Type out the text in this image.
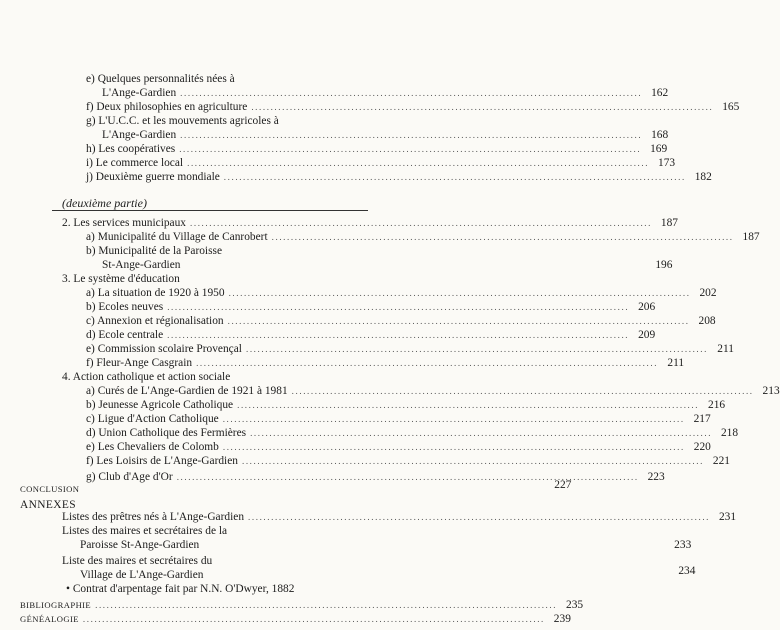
e) Quelques personnalités nées à
L'Ange-Gardien ........................................................................................................................ 162
f) Deux philosophies en agriculture ........................................................................................................................ 165
g) L'U.C.C. et les mouvements agricoles à
L'Ange-Gardien ........................................................................................................................ 168
h) Les coopératives ........................................................................................................................ 169
i) Le commerce local ........................................................................................................................ 173
j) Deuxième guerre mondiale ........................................................................................................................ 182
(deuxième partie)
2. Les services municipaux ........................................................................................................................ 187
a) Municipalité du Village de Canrobert ........................................................................................................................ 187
b) Municipalité de la Paroisse
St-Ange-Gardien	196
3. Le système d'éducation
a) La situation de 1920 à 1950 ........................................................................................................................ 202
b) Ecoles neuves ........................................................................................................................ 206
c) Annexion et régionalisation ........................................................................................................................ 208
d) Ecole centrale ........................................................................................................................ 209
e) Commission scolaire Provençal ........................................................................................................................ 211
f) Fleur-Ange Casgrain ........................................................................................................................ 211
4. Action catholique et action sociale
a) Curés de L'Ange-Gardien de 1921 à 1981 ........................................................................................................................ 213
b) Jeunesse Agricole Catholique ........................................................................................................................ 216
c) Ligue d'Action Catholique ........................................................................................................................ 217
d) Union Catholique des Fermières ........................................................................................................................ 218
e) Les Chevaliers de Colomb ........................................................................................................................ 220
f) Les Loisirs de L'Ange-Gardien ........................................................................................................................ 221
g) Club d'Age d'Or ........................................................................................................................ 223
CONCLUSION	227
ANNEXES
Listes des prêtres nés à L'Ange-Gardien ........................................................................................................................ 231
Listes des maires et secrétaires de la
Paroisse St-Ange-Gardien	233
Liste des maires et secrétaires du
Village de L'Ange-Gardien	234
• Contrat d'arpentage fait par N.N. O'Dwyer, 1882
BIBLIOGRAPHIE ........................................................................................................................ 235
GÉNÉALOGIE ........................................................................................................................ 239
